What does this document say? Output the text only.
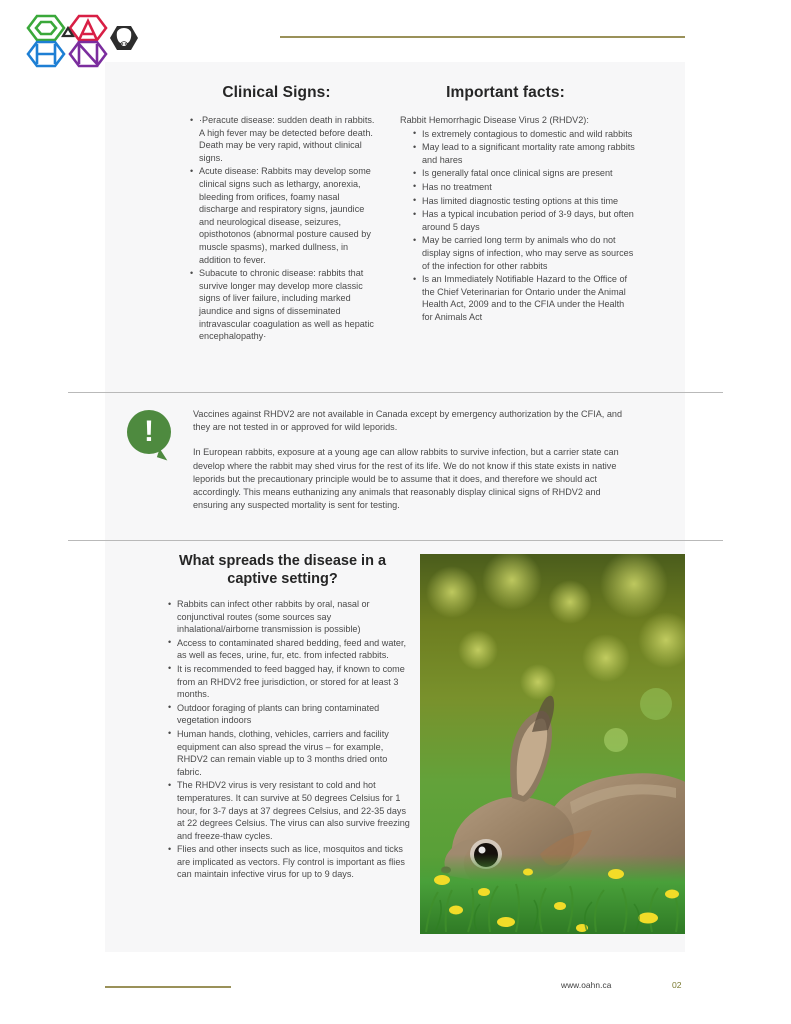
Clinical Signs:
• ·Peracute disease: sudden death in rabbits. A high fever may be detected before death. Death may be very rapid, without clinical signs.
• Acute disease: Rabbits may develop some clinical signs such as lethargy, anorexia, bleeding from orifices, foamy nasal discharge and respiratory signs, jaundice and neurological disease, seizures, opisthotonos (abnormal posture caused by muscle spasms), marked dullness, in addition to fever.
• Subacute to chronic disease: rabbits that survive longer may develop more classic signs of liver failure, including marked jaundice and signs of disseminated intravascular coagulation as well as hepatic encephalopathy·
Important facts:

Rabbit Hemorrhagic Disease Virus 2 (RHDV2):

• Is extremely contagious to domestic and wild rabbits
• May lead to a significant mortality rate among rabbits and hares
• Is generally fatal once clinical signs are present
• Has no treatment
• Has limited diagnostic testing options at this time
• Has a typical incubation period of 3-9 days, but often around 5 days
• May be carried long term by animals who do not display signs of infection, who may serve as sources of the infection for other rabbits
• Is an Immediately Notifiable Hazard to the Office of the Chief Veterinarian for Ontario under the Animal Health Act, 2009 and to the CFIA under the Health for Animals Act
!

Vaccines against RHDV2 are not available in Canada except by emergency authorization by the CFIA, and they are not tested in or approved for wild leporids.

In European rabbits, exposure at a young age can allow rabbits to survive infection, but a carrier state can develop where the rabbit may shed virus for the rest of its life. We do not know if this state exists in native leporids but the precautionary principle would be to assume that it does, and therefore we should act accordingly. This means euthanizing any animals that reasonably display clinical signs of RHDV2 and ensuring any suspected mortality is sent for testing.

What spreads the disease in a captive setting?
• Rabbits can infect other rabbits by oral, nasal or conjunctival routes (some sources say inhalational/airborne transmission is possible)
• Access to contaminated shared bedding, feed and water, as well as feces, urine, fur, etc. from infected rabbits.
• It is recommended to feed bagged hay, if known to come from an RHDV2 free jurisdiction, or stored for at least 3 months.
• Outdoor foraging of plants can bring contaminated vegetation indoors
• Human hands, clothing, vehicles, carriers and facility equipment can also spread the virus – for example, RHDV2 can remain viable up to 3 months dried onto fabric.
• The RHDV2 virus is very resistant to cold and hot temperatures. It can survive at 50 degrees Celsius for 1 hour, for 3-7 days at 37 degrees Celsius, and 22-35 days at 22 degrees Celsius. The virus can also survive freezing and freeze-thaw cycles.
• Flies and other insects such as lice, mosquitos and ticks are implicated as vectors. Fly control is important as flies can maintain infective virus for up to 9 days.
www.oahn.ca	02
